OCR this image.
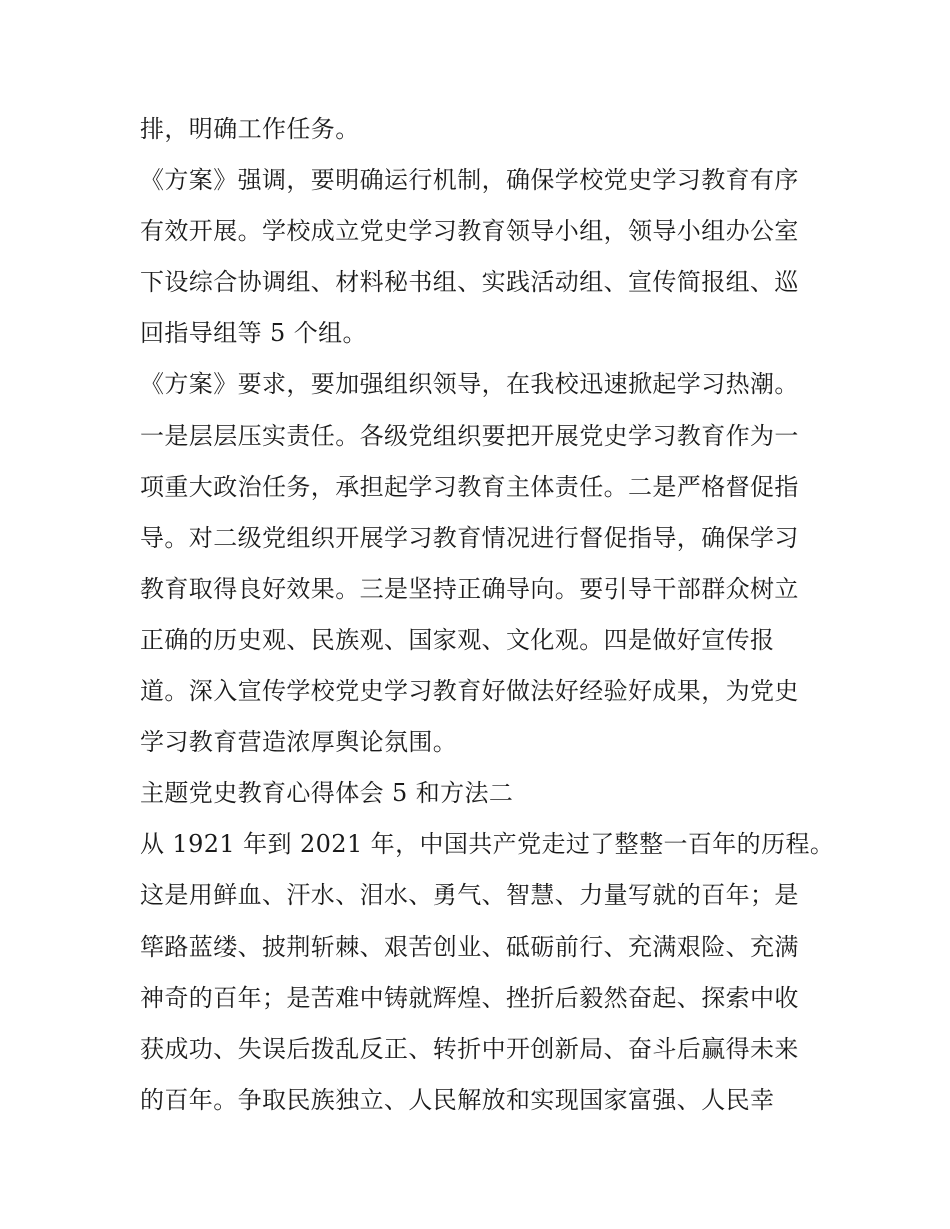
排，明确工作任务。
《方案》强调，要明确运行机制，确保学校党史学习教育有序
有效开展。学校成立党史学习教育领导小组，领导小组办公室
下设综合协调组、材料秘书组、实践活动组、宣传简报组、巡
回指导组等 5 个组。
《方案》要求，要加强组织领导，在我校迅速掀起学习热潮。
一是层层压实责任。各级党组织要把开展党史学习教育作为一
项重大政治任务，承担起学习教育主体责任。二是严格督促指
导。对二级党组织开展学习教育情况进行督促指导，确保学习
教育取得良好效果。三是坚持正确导向。要引导干部群众树立
正确的历史观、民族观、国家观、文化观。四是做好宣传报
道。深入宣传学校党史学习教育好做法好经验好成果，为党史
学习教育营造浓厚舆论氛围。
主题党史教育心得体会 5 和方法二
从 1921 年到 2021 年，中国共产党走过了整整一百年的历程。
这是用鲜血、汗水、泪水、勇气、智慧、力量写就的百年；是
筚路蓝缕、披荆斩棘、艰苦创业、砥砺前行、充满艰险、充满
神奇的百年；是苦难中铸就辉煌、挫折后毅然奋起、探索中收
获成功、失误后拨乱反正、转折中开创新局、奋斗后赢得未来
的百年。争取民族独立、人民解放和实现国家富强、人民幸
